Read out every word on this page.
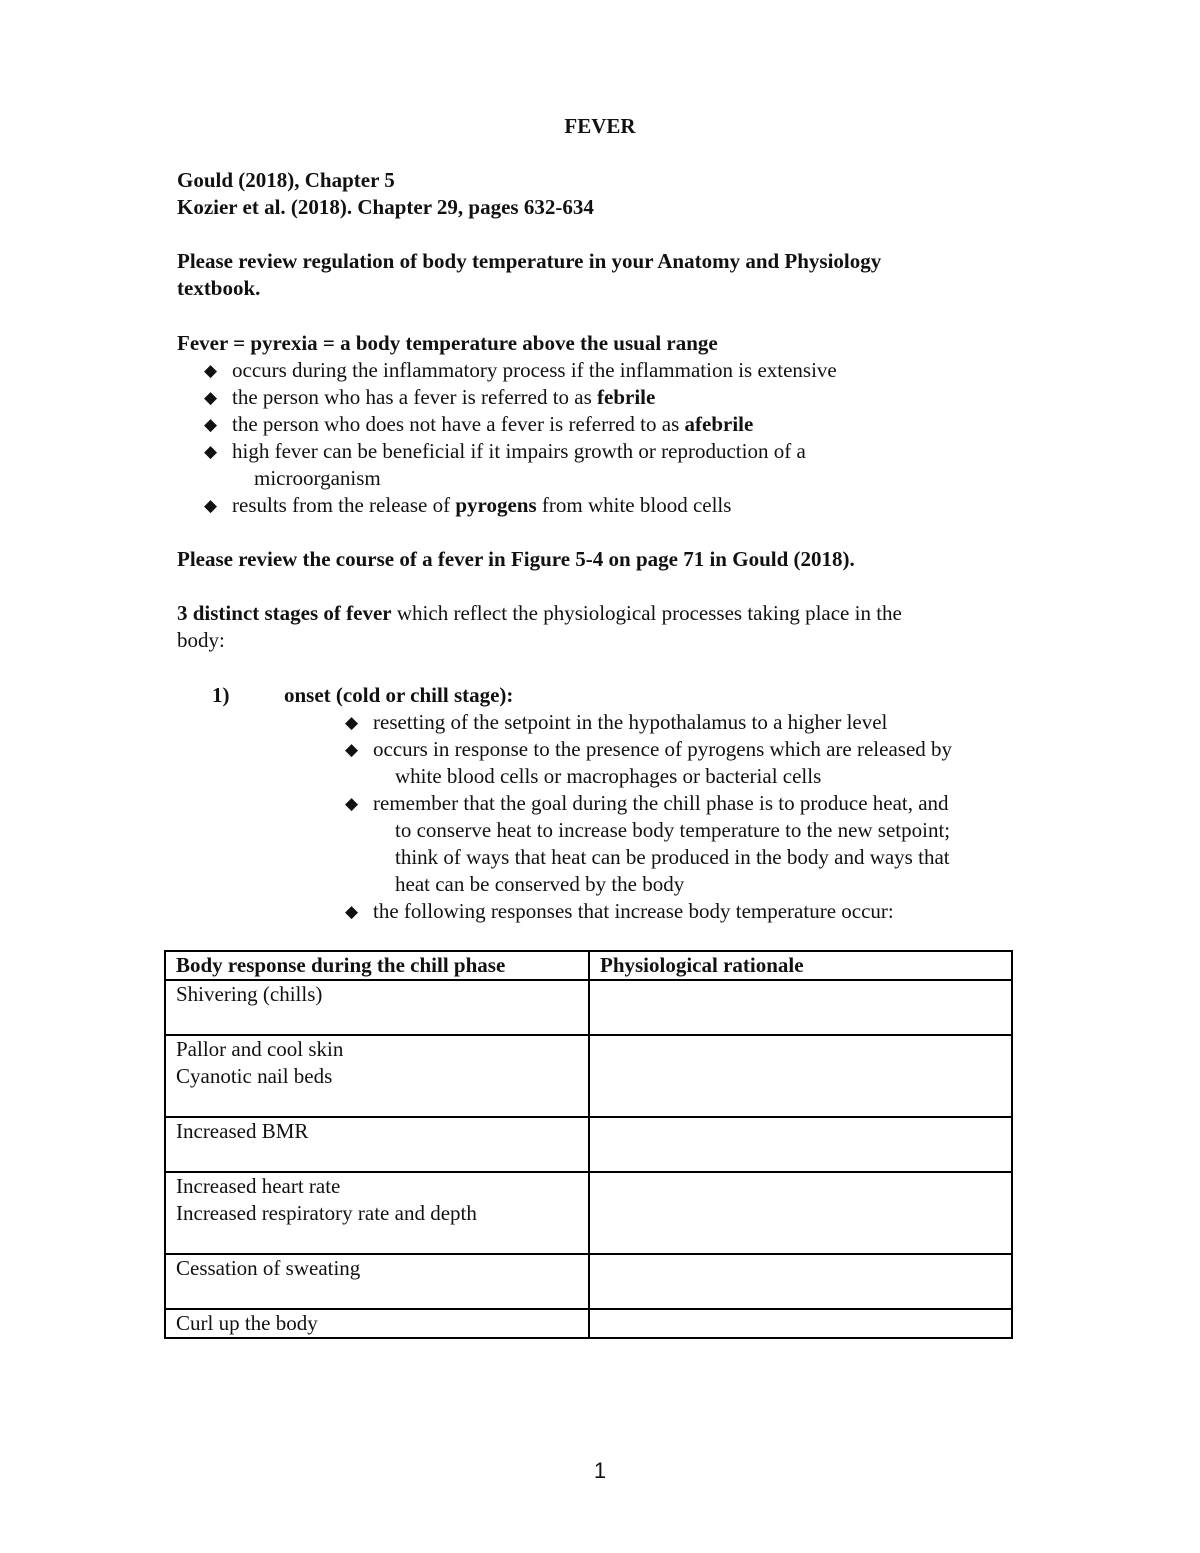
FEVER
Gould (2018), Chapter 5
Kozier et al. (2018). Chapter 29, pages 632-634
Please review regulation of body temperature in your Anatomy and Physiology
textbook.
Fever = pyrexia = a body temperature above the usual range
◆ occurs during the inflammatory process if the inflammation is extensive
◆ the person who has a fever is referred to as febrile
◆ the person who does not have a fever is referred to as afebrile
◆ high fever can be beneficial if it impairs growth or reproduction of a
microorganism
◆ results from the release of pyrogens from white blood cells
Please review the course of a fever in Figure 5-4 on page 71 in Gould (2018).
3 distinct stages of fever which reflect the physiological processes taking place in the
body:
1)	onset (cold or chill stage):
◆ resetting of the setpoint in the hypothalamus to a higher level
◆ occurs in response to the presence of pyrogens which are released by
white blood cells or macrophages or bacterial cells
◆ remember that the goal during the chill phase is to produce heat, and
to conserve heat to increase body temperature to the new setpoint;
think of ways that heat can be produced in the body and ways that
heat can be conserved by the body
◆ the following responses that increase body temperature occur:
Body response during the chill phase	Physiological rationale

Shivering (chills)	

Pallor and cool skin
Cyanotic nail beds	

Increased BMR	

Increased heart rate
Increased respiratory rate and depth	

Cessation of sweating	

Curl up the body	

1
